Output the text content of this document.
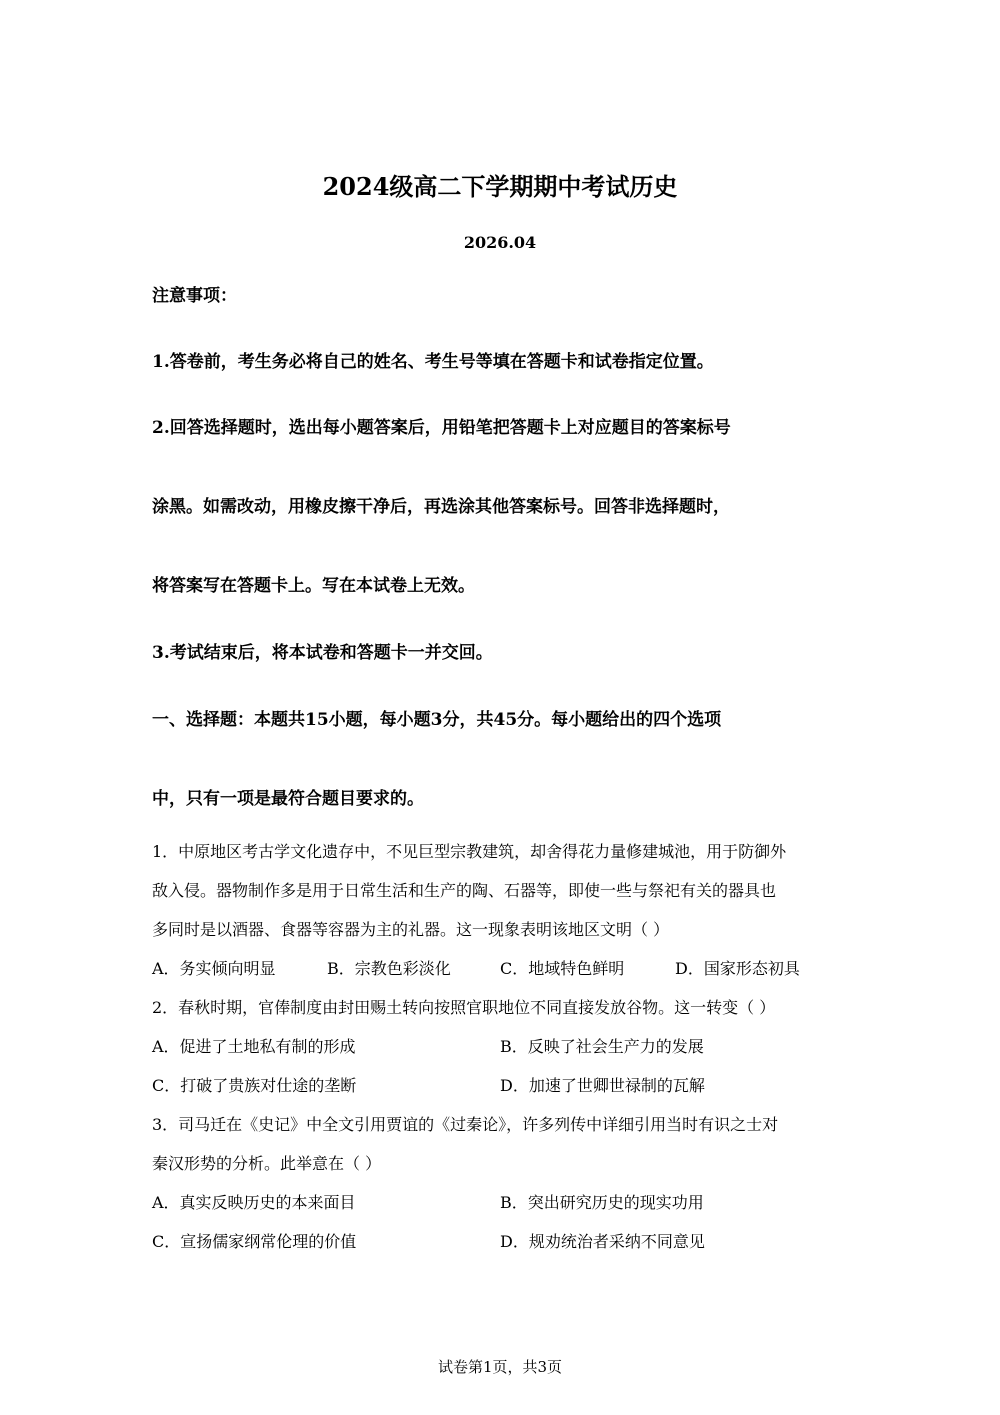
2024级高二下学期期中考试历史
2026.04
注意事项：
1.答卷前，考生务必将自己的姓名、考生号等填在答题卡和试卷指定位置。
2.回答选择题时，选出每小题答案后，用铅笔把答题卡上对应题目的答案标号
涂黑。如需改动，用橡皮擦干净后，再选涂其他答案标号。回答非选择题时，
将答案写在答题卡上。写在本试卷上无效。
3.考试结束后，将本试卷和答题卡一并交回。
一、选择题：本题共15小题，每小题3分，共45分。每小题给出的四个选项
中，只有一项是最符合题目要求的。
1．中原地区考古学文化遗存中，不见巨型宗教建筑，却舍得花力量修建城池，用于防御外
敌入侵。器物制作多是用于日常生活和生产的陶、石器等，即使一些与祭祀有关的器具也
多同时是以酒器、食器等容器为主的礼器。这一现象表明该地区文明（ ）
A．务实倾向明显	B．宗教色彩淡化	C．地域特色鲜明	D．国家形态初具
2．春秋时期，官俸制度由封田赐土转向按照官职地位不同直接发放谷物。这一转变（ ）
A．促进了土地私有制的形成	B．反映了社会生产力的发展
C．打破了贵族对仕途的垄断	D．加速了世卿世禄制的瓦解
3．司马迁在《史记》中全文引用贾谊的《过秦论》，许多列传中详细引用当时有识之士对
秦汉形势的分析。此举意在（ ）
A．真实反映历史的本来面目	B．突出研究历史的现实功用
C．宣扬儒家纲常伦理的价值	D．规劝统治者采纳不同意见
试卷第1页，共3页
